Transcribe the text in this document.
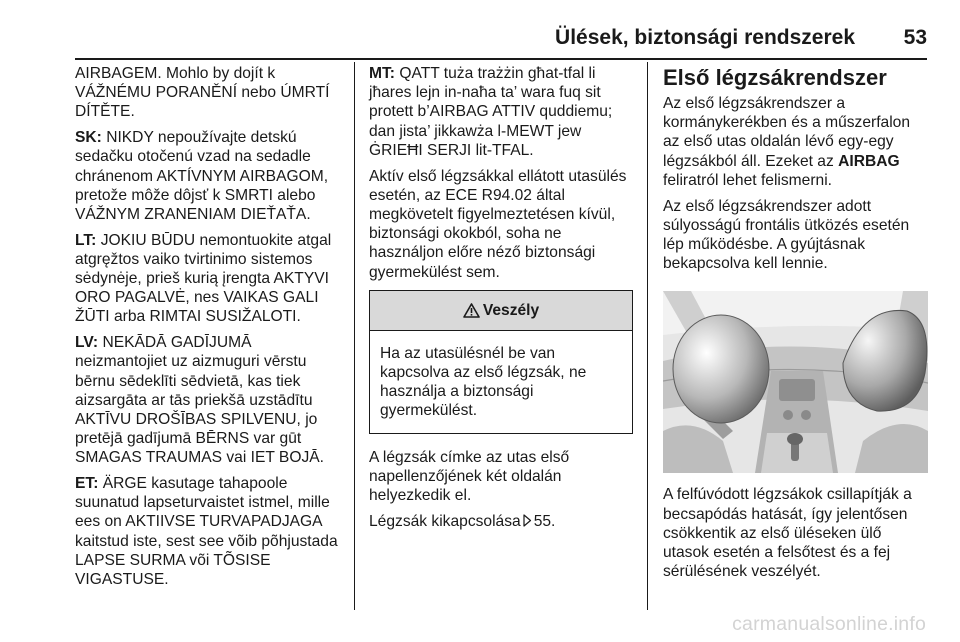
Ülések, biztonsági rendszerek 53

AIRBAGEM. Mohlo by dojít k VÁŽNÉMU PORANĚNÍ nebo ÚMRTÍ DÍTĚTE.

SK: NIKDY nepoužívajte detskú sedačku otočenú vzad na sedadle chránenom AKTÍVNYM AIRBAGOM, pretože môže dôjsť k SMRTI alebo VÁŽNYM ZRANENIAM DIEŤAŤA.

LT: JOKIU BŪDU nemontuokite atgal atgręžtos vaiko tvirtinimo sistemos sėdynėje, prieš kurią įrengta AKTYVI ORO PAGALVĖ, nes VAIKAS GALI ŽŪTI arba RIMTAI SUSIŽALOTI.

LV: NEKĀDĀ GADĪJUMĀ neizmantojiet uz aizmuguri vērstu bērnu sēdeklīti sēdvietā, kas tiek aizsargāta ar tās priekšā uzstādītu AKTĪVU DROŠĪBAS SPILVENU, jo pretējā gadījumā BĒRNS var gūt SMAGAS TRAUMAS vai IET BOJĀ.

ET: ÄRGE kasutage tahapoole suunatud lapseturvaistet istmel, mille ees on AKTIIVSE TURVAPADJAGA kaitstud iste, sest see võib põhjustada LAPSE SURMA või TÕSISE VIGASTUSE.

MT: QATT tuża trażżin għat-tfal li jħares lejn in-naħa ta’ wara fuq sit protett b’AIRBAG ATTIV quddiemu; dan jista’ jikkawża l-MEWT jew ĠRIEĦI SERJI lit-TFAL.

Aktív első légzsákkal ellátott utasülés esetén, az ECE R94.02 által megkövetelt figyelmeztetésen kívül, biztonsági okokból, soha ne használjon előre néző biztonsági gyermekülést sem.

Veszély
Ha az utasülésnél be van kapcsolva az első légzsák, ne használja a biztonsági gyermekülést.

A légzsák címke az utas első napellenzőjének két oldalán helyezkedik el.

Légzsák kikapcsolása 55.

Első légzsákrendszer

Az első légzsákrendszer a kormánykerékben és a műszerfalon az első utas oldalán lévő egy-egy légzsákból áll. Ezeket az AIRBAG feliratról lehet felismerni.

Az első légzsákrendszer adott súlyosságú frontális ütközés esetén lép működésbe. A gyújtásnak bekapcsolva kell lennie.

A felfúvódott légzsákok csillapítják a becsapódás hatását, így jelentősen csökkentik az első üléseken ülő utasok esetén a felsőtest és a fej sérülésének veszélyét.

carmanualsonline.info
